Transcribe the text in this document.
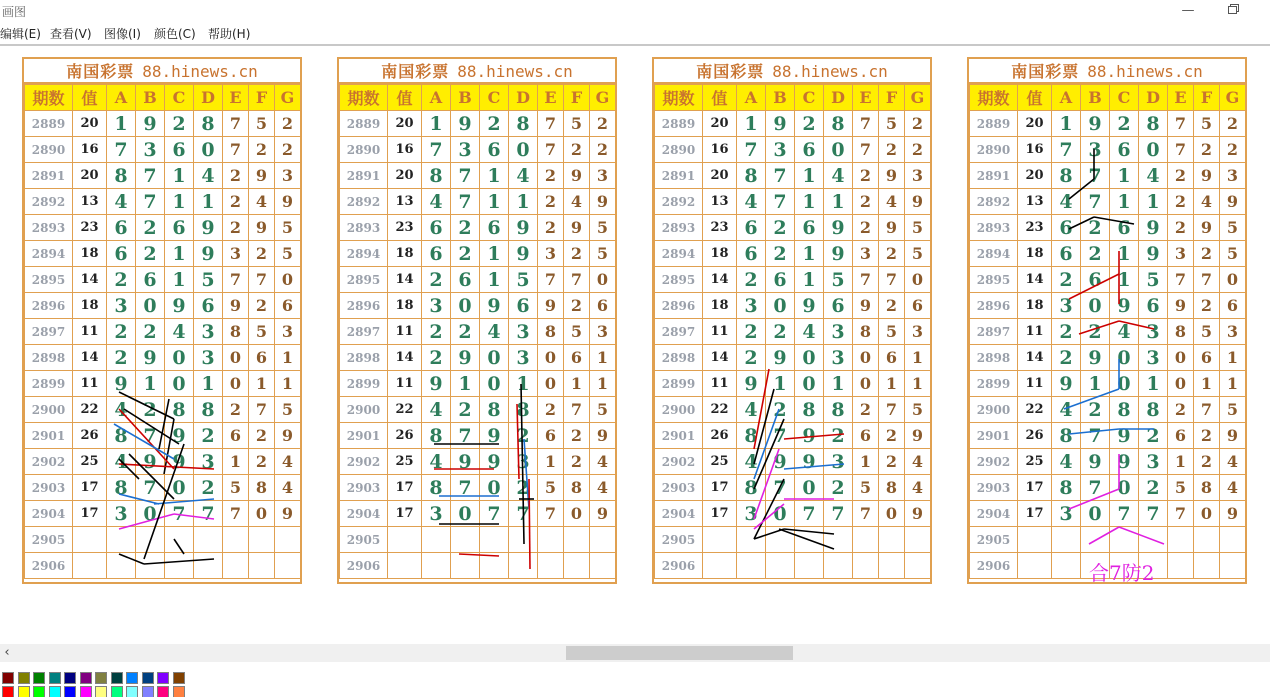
画图	—
编辑(E) 查看(V) 图像(I) 颜色(C) 帮助(H)
南国彩票 88.hinews.cn
期数	值	A	B	C	D	E	F	G
2889	20	1	9	2	8	7	5	2
2890	16	7	3	6	0	7	2	2
2891	20	8	7	1	4	2	9	3
2892	13	4	7	1	1	2	4	9
2893	23	6	2	6	9	2	9	5
2894	18	6	2	1	9	3	2	5
2895	14	2	6	1	5	7	7	0
2896	18	3	0	9	6	9	2	6
2897	11	2	2	4	3	8	5	3
2898	14	2	9	0	3	0	6	1
2899	11	9	1	0	1	0	1	1
2900	22	4	2	8	8	2	7	5
2901	26	8	7	9	2	6	2	9
2902	25	4	9	9	3	1	2	4
2903	17	8	7	0	2	5	8	4
2904	17	3	0	7	7	7	0	9
2905								
2906								
南国彩票 88.hinews.cn
期数	值	A	B	C	D	E	F	G
2889	20	1	9	2	8	7	5	2
2890	16	7	3	6	0	7	2	2
2891	20	8	7	1	4	2	9	3
2892	13	4	7	1	1	2	4	9
2893	23	6	2	6	9	2	9	5
2894	18	6	2	1	9	3	2	5
2895	14	2	6	1	5	7	7	0
2896	18	3	0	9	6	9	2	6
2897	11	2	2	4	3	8	5	3
2898	14	2	9	0	3	0	6	1
2899	11	9	1	0	1	0	1	1
2900	22	4	2	8	8	2	7	5
2901	26	8	7	9	2	6	2	9
2902	25	4	9	9	3	1	2	4
2903	17	8	7	0	2	5	8	4
2904	17	3	0	7	7	7	0	9
2905								
2906								
南国彩票 88.hinews.cn
期数	值	A	B	C	D	E	F	G
2889	20	1	9	2	8	7	5	2
2890	16	7	3	6	0	7	2	2
2891	20	8	7	1	4	2	9	3
2892	13	4	7	1	1	2	4	9
2893	23	6	2	6	9	2	9	5
2894	18	6	2	1	9	3	2	5
2895	14	2	6	1	5	7	7	0
2896	18	3	0	9	6	9	2	6
2897	11	2	2	4	3	8	5	3
2898	14	2	9	0	3	0	6	1
2899	11	9	1	0	1	0	1	1
2900	22	4	2	8	8	2	7	5
2901	26	8	7	9	2	6	2	9
2902	25	4	9	9	3	1	2	4
2903	17	8	7	0	2	5	8	4
2904	17	3	0	7	7	7	0	9
2905								
2906								
南国彩票 88.hinews.cn
期数	值	A	B	C	D	E	F	G
2889	20	1	9	2	8	7	5	2
2890	16	7	3	6	0	7	2	2
2891	20	8	7	1	4	2	9	3
2892	13	4	7	1	1	2	4	9
2893	23	6	2	6	9	2	9	5
2894	18	6	2	1	9	3	2	5
2895	14	2	6	1	5	7	7	0
2896	18	3	0	9	6	9	2	6
2897	11	2	2	4	3	8	5	3
2898	14	2	9	0	3	0	6	1
2899	11	9	1	0	1	0	1	1
2900	22	4	2	8	8	2	7	5
2901	26	8	7	9	2	6	2	9
2902	25	4	9	9	3	1	2	4
2903	17	8	7	0	2	5	8	4
2904	17	3	0	7	7	7	0	9
2905								
2906									合7防2
‹
